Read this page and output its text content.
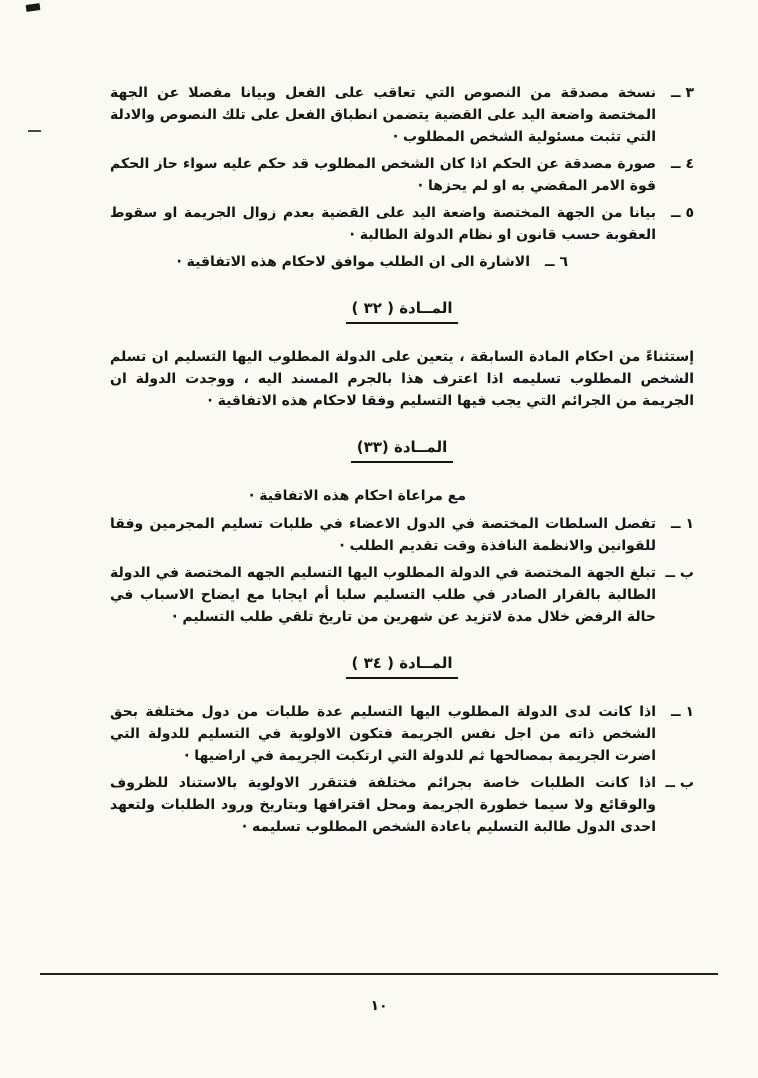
٣ ــ
نسخة مصدقة من النصوص التي تعاقب على الفعل وبيانا مفصلا عن الجهة المختصة واضعة اليد على القضية يتضمن انطباق الفعل على تلك النصوص والادلة التي تثبت مسئولية الشخص المطلوب ·
٤ ــ
صورة مصدقة عن الحكم اذا كان الشخص المطلوب قد حكم عليه سواء حاز الحكم قوة الامر المقضي به او لم يحزها ·
٥ ــ
بيانا من الجهة المختصة واضعة اليد على القضية بعدم زوال الجريمة او سقوط العقوبة حسب قانون او نظام الدولة الطالبة ·
٦ ــ
الاشارة الى ان الطلب موافق لاحكام هذه الاتفاقية ·
المــادة ( ٣٢ )
إستثناءً من احكام المادة السابقة ، يتعين على الدولة المطلوب اليها التسليم ان تسلم الشخص المطلوب تسليمه اذا اعترف هذا بالجرم المسند اليه ، ووجدت الدولة ان الجريمة من الجرائم التي يجب فيها التسليم وفقا لاحكام هذه الاتفاقية ·
المــادة (٣٣)
مع مراعاة احكام هذه الاتفاقية ·
١ ــ
تفصل السلطات المختصة في الدول الاعضاء في طلبات تسليم المجرمين وفقا للقوانين والانظمة النافذة وقت تقديم الطلب ·
ب ــ
تبلغ الجهة المختصة في الدولة المطلوب اليها التسليم الجهه المختصة في الدولة الطالبة بالقرار الصادر في طلب التسليم سلبا أم ايجابا مع ايضاح الاسباب في حالة الرفض خلال مدة لاتزيد عن شهرين من تاريخ تلقي طلب التسليم ·
المــادة ( ٣٤ )
١ ــ
اذا كانت لدى الدولة المطلوب اليها التسليم عدة طلبات من دول مختلفة بحق الشخص ذاته من اجل نفس الجريمة فتكون الاولوية في التسليم للدولة التي اضرت الجريمة بمصالحها ثم للدولة التي ارتكبت الجريمة في اراضيها ·
ب ــ
اذا كانت الطلبات خاصة بجرائم مختلفة فتتقرر الاولوية بالاستناد للظروف والوقائع ولا سيما خطورة الجريمة ومحل اقترافها وبتاريخ ورود الطلبات ولتعهد احدى الدول طالبة التسليم باعادة الشخص المطلوب تسليمه ·
١٠
